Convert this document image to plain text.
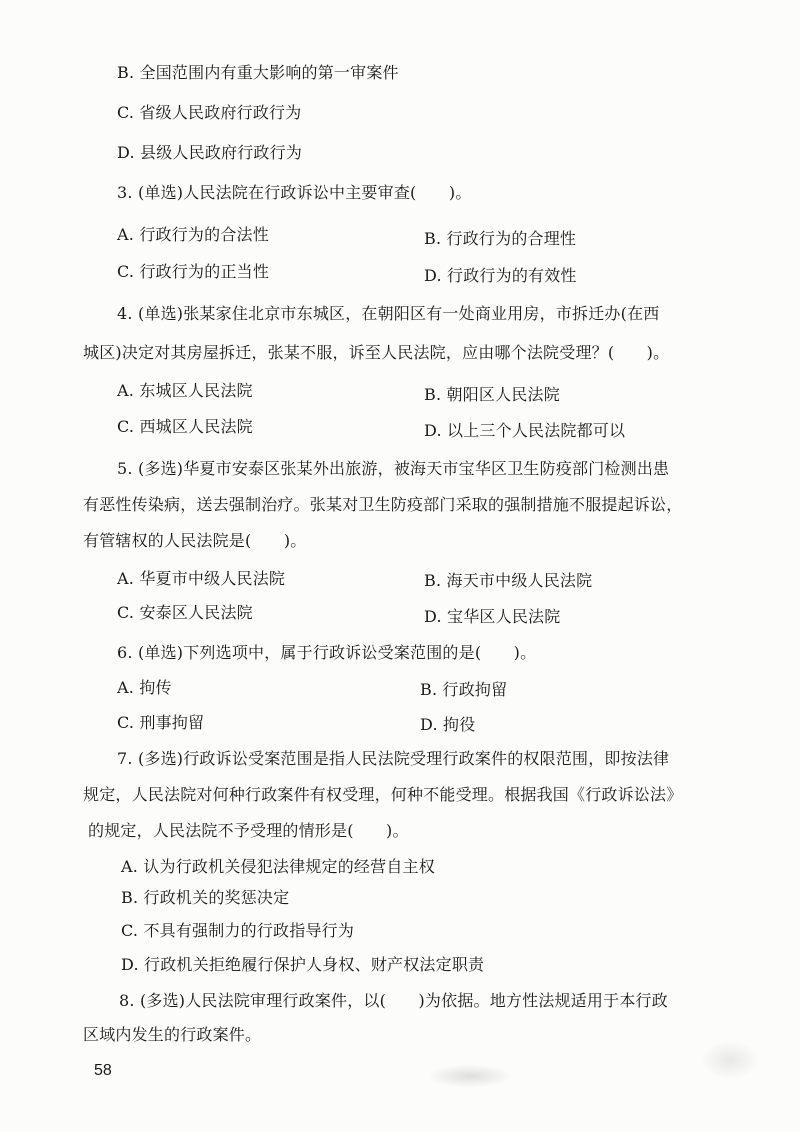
B. 全国范围内有重大影响的第一审案件
C. 省级人民政府行政行为
D. 县级人民政府行政行为
3. (单选)人民法院在行政诉讼中主要审查(　　)。
A. 行政行为的合法性	B. 行政行为的合理性
C. 行政行为的正当性	D. 行政行为的有效性
4. (单选)张某家住北京市东城区，在朝阳区有一处商业用房，市拆迁办(在西
城区)决定对其房屋拆迁，张某不服，诉至人民法院，应由哪个法院受理？(　　)。
A. 东城区人民法院	B. 朝阳区人民法院
C. 西城区人民法院	D. 以上三个人民法院都可以
5. (多选)华夏市安泰区张某外出旅游，被海天市宝华区卫生防疫部门检测出患
有恶性传染病，送去强制治疗。张某对卫生防疫部门采取的强制措施不服提起诉讼，
有管辖权的人民法院是(　　)。
A. 华夏市中级人民法院	B. 海天市中级人民法院
C. 安泰区人民法院	D. 宝华区人民法院
6. (单选)下列选项中，属于行政诉讼受案范围的是(　　)。
A. 拘传	B. 行政拘留
C. 刑事拘留	D. 拘役
7. (多选)行政诉讼受案范围是指人民法院受理行政案件的权限范围，即按法律
规定，人民法院对何种行政案件有权受理，何种不能受理。根据我国《行政诉讼法》
的规定，人民法院不予受理的情形是(　　)。
A. 认为行政机关侵犯法律规定的经营自主权
B. 行政机关的奖惩决定
C. 不具有强制力的行政指导行为
D. 行政机关拒绝履行保护人身权、财产权法定职责
8. (多选)人民法院审理行政案件，以(　　)为依据。地方性法规适用于本行政
区域内发生的行政案件。
58
